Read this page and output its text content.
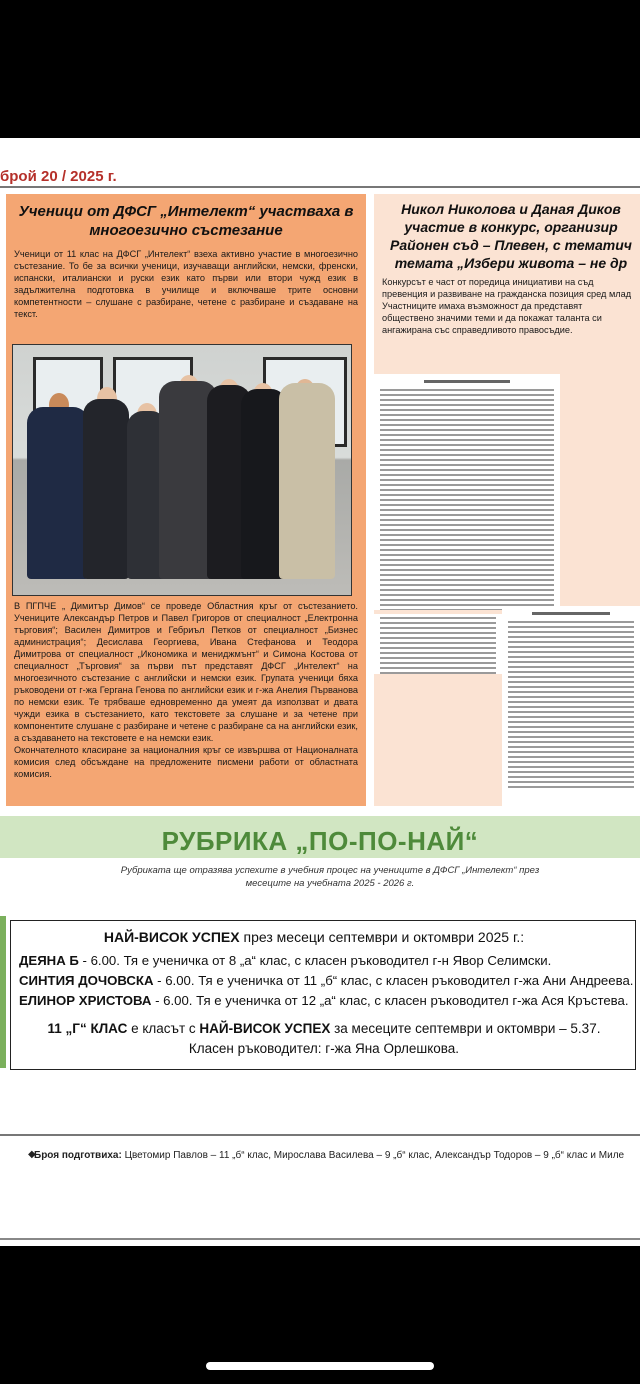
брой 20 / 2025 г.
Ученици от ДФСГ „Интелект“ участваха в многоезично състезание

Ученици от 11 клас на ДФСГ „Интелект“ взеха активно участие в многоезично състезание. То бе за всички ученици, изучаващи английски, немски, френски, испански, италиански и руски език като първи или втори чужд език в задължителна подготовка в училище и включваше трите основни компетентности – слушане с разбиране, четене с разбиране и създаване на текст.

В ПГПЧЕ „ Димитър Димов“ се проведе Областния кръг от състезанието. Учениците Александър Петров и Павел Григоров от специалност „Електронна търговия“; Василен Димитров и Гебриъл Петков от специалност „Бизнес администрация“; Десислава Георгиева, Ивана Стефанова и Теодора Димитрова от специалност „Икономика и мениджмънт“ и Симона Костова от специалност „Търговия“ за първи път представят ДФСГ „Интелект“ на многоезичното състезание с английски и немски език. Групата ученици бяха ръководени от г-жа Гергана Генова по английски език и г-жа Анелия Първанова по немски език. Те трябваше едновременно да умеят да използват и двата чужди езика в състезанието, като текстовете за слушане и за четене при компонентите слушане с разбиране и четене с разбиране са на английски език, а създаването на текстовете е на немски език.

Окончателното класиране за националния кръг се извършва от Националната комисия след обсъждане на предложените писмени работи от областната комисия.

Никол Николова и Даная Диков
участие в конкурс, организир
Районен съд – Плевен, с тематич
темата „Избери живота – не др

Конкурсът е част от поредица инициативи на съд

превенция и развиване на гражданска позиция сред млад

Участниците имаха възможност да представят

обществено значими теми и да покажат таланта си

ангажирана със справедливото правосъдие.

РУБРИКА „ПО-ПО-НАЙ“
Рубриката ще отразява успехите в учебния процес на учениците в ДФСГ „Интелект“ през месеците на учебната 2025 - 2026 г.
НАЙ-ВИСОК УСПЕХ през месеци септември и октомври 2025 г.:
ДЕЯНА Б - 6.00. Тя е ученичка от 8 „а“ клас, с класен ръководител г-н Явор Селимски.
СИНТИЯ ДОЧОВСКА - 6.00. Тя е ученичка от 11 „б“ клас, с класен ръководител г-жа Ани Андреева.
ЕЛИНОР ХРИСТОВА - 6.00. Тя е ученичка от 12 „а“ клас, с класен ръководител г-жа Ася Кръстева.
11 „Г“ КЛАС е класът с НАЙ-ВИСОК УСПЕХ за месеците септември и октомври – 5.37.
Класен ръководител: г-жа Яна Орлешкова.
◆
Броя подготвиха: Цветомир Павлов – 11 „б“ клас, Мирослава Василева – 9 „б“ клас, Александър Тодоров – 9 „б“ клас и Миле
